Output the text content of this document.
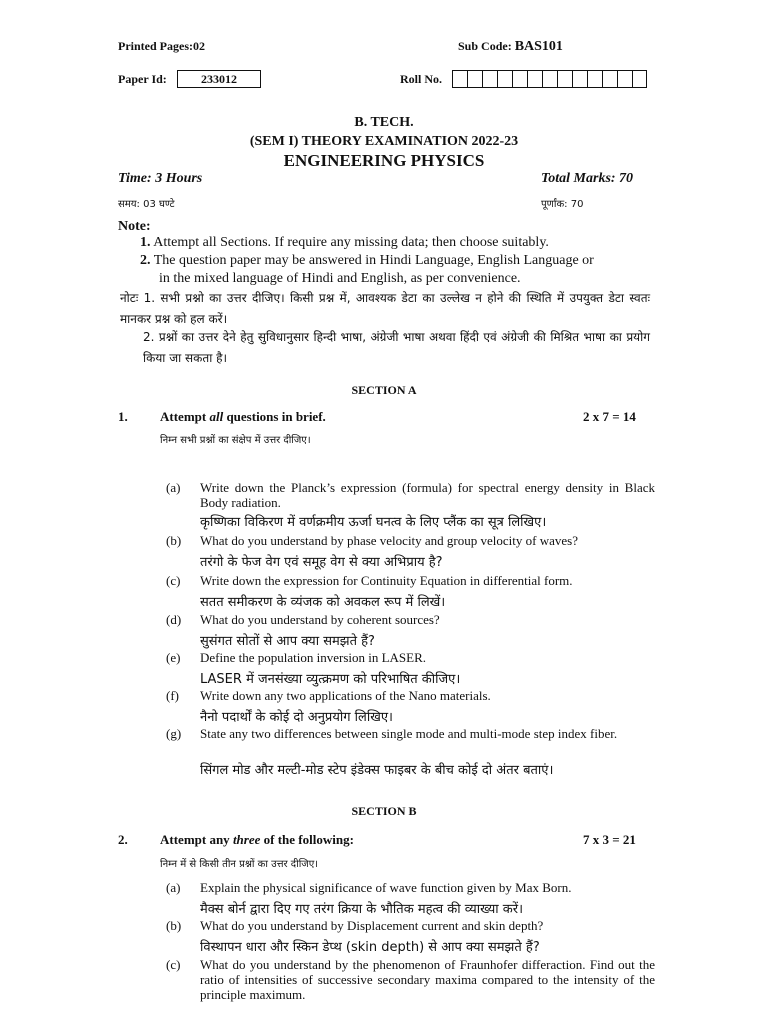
Printed Pages:02	Sub Code: BAS101
Paper Id:	233012	Roll No.
B. TECH.
(SEM I) THEORY EXAMINATION 2022-23
ENGINEERING PHYSICS
Time: 3 Hours	Total Marks: 70
समय: 03 घण्टे	पूर्णांक: 70
Note:
1. Attempt all Sections. If require any missing data; then choose suitably.
2. The question paper may be answered in Hindi Language, English Language or
in the mixed language of Hindi and English, as per convenience.
नोटः 1. सभी प्रश्नो का उत्तर दीजिए। किसी प्रश्न में, आवश्यक डेटा का उल्लेख न होने की स्थिति में उपयुक्त डेटा स्वतः मानकर प्रश्न को हल करें।
2. प्रश्नों का उत्तर देने हेतु सुविधानुसार हिन्दी भाषा, अंग्रेजी भाषा अथवा हिंदी एवं अंग्रेजी की मिश्रित भाषा का प्रयोग किया जा सकता है।
SECTION A
1. Attempt all questions in brief.	2 x 7 = 14
निम्न सभी प्रश्नों का संक्षेप में उत्तर दीजिए।
(a) Write down the Planck’s expression (formula) for spectral energy density in Black Body radiation.
कृष्णिका विकिरण में वर्णक्रमीय ऊर्जा घनत्व के लिए प्लैंक का सूत्र लिखिए।
(b) What do you understand by phase velocity and group velocity of waves?
तरंगो के फेज वेग एवं समूह वेग से क्या अभिप्राय है?
(c) Write down the expression for Continuity Equation in differential form.
सतत समीकरण के व्यंजक को अवकल रूप में लिखें।
(d) What do you understand by coherent sources?
सुसंगत सोतों से आप क्या समझते हैं?
(e) Define the population inversion in LASER.
LASER में जनसंख्या व्युत्क्रमण को परिभाषित कीजिए।
(f) Write down any two applications of the Nano materials.
नैनो पदार्थों के कोई दो अनुप्रयोग लिखिए।
(g) State any two differences between single mode and multi-mode step index fiber.
सिंगल मोड और मल्टी-मोड स्टेप इंडेक्स फाइबर के बीच कोई दो अंतर बताएं।
SECTION B
2. Attempt any three of the following:	7 x 3 = 21
निम्न में से किसी तीन प्रश्नों का उत्तर दीजिए।
(a) Explain the physical significance of wave function given by Max Born.
मैक्स बोर्न द्वारा दिए गए तरंग क्रिया के भौतिक महत्व की व्याख्या करें।
(b) What do you understand by Displacement current and skin depth?
विस्थापन धारा और स्किन डेप्थ (skin depth) से आप क्या समझते हैं?
(c) What do you understand by the phenomenon of Fraunhofer differaction. Find out the ratio of intensities of successive secondary maxima compared to the intensity of the principle maximum.
